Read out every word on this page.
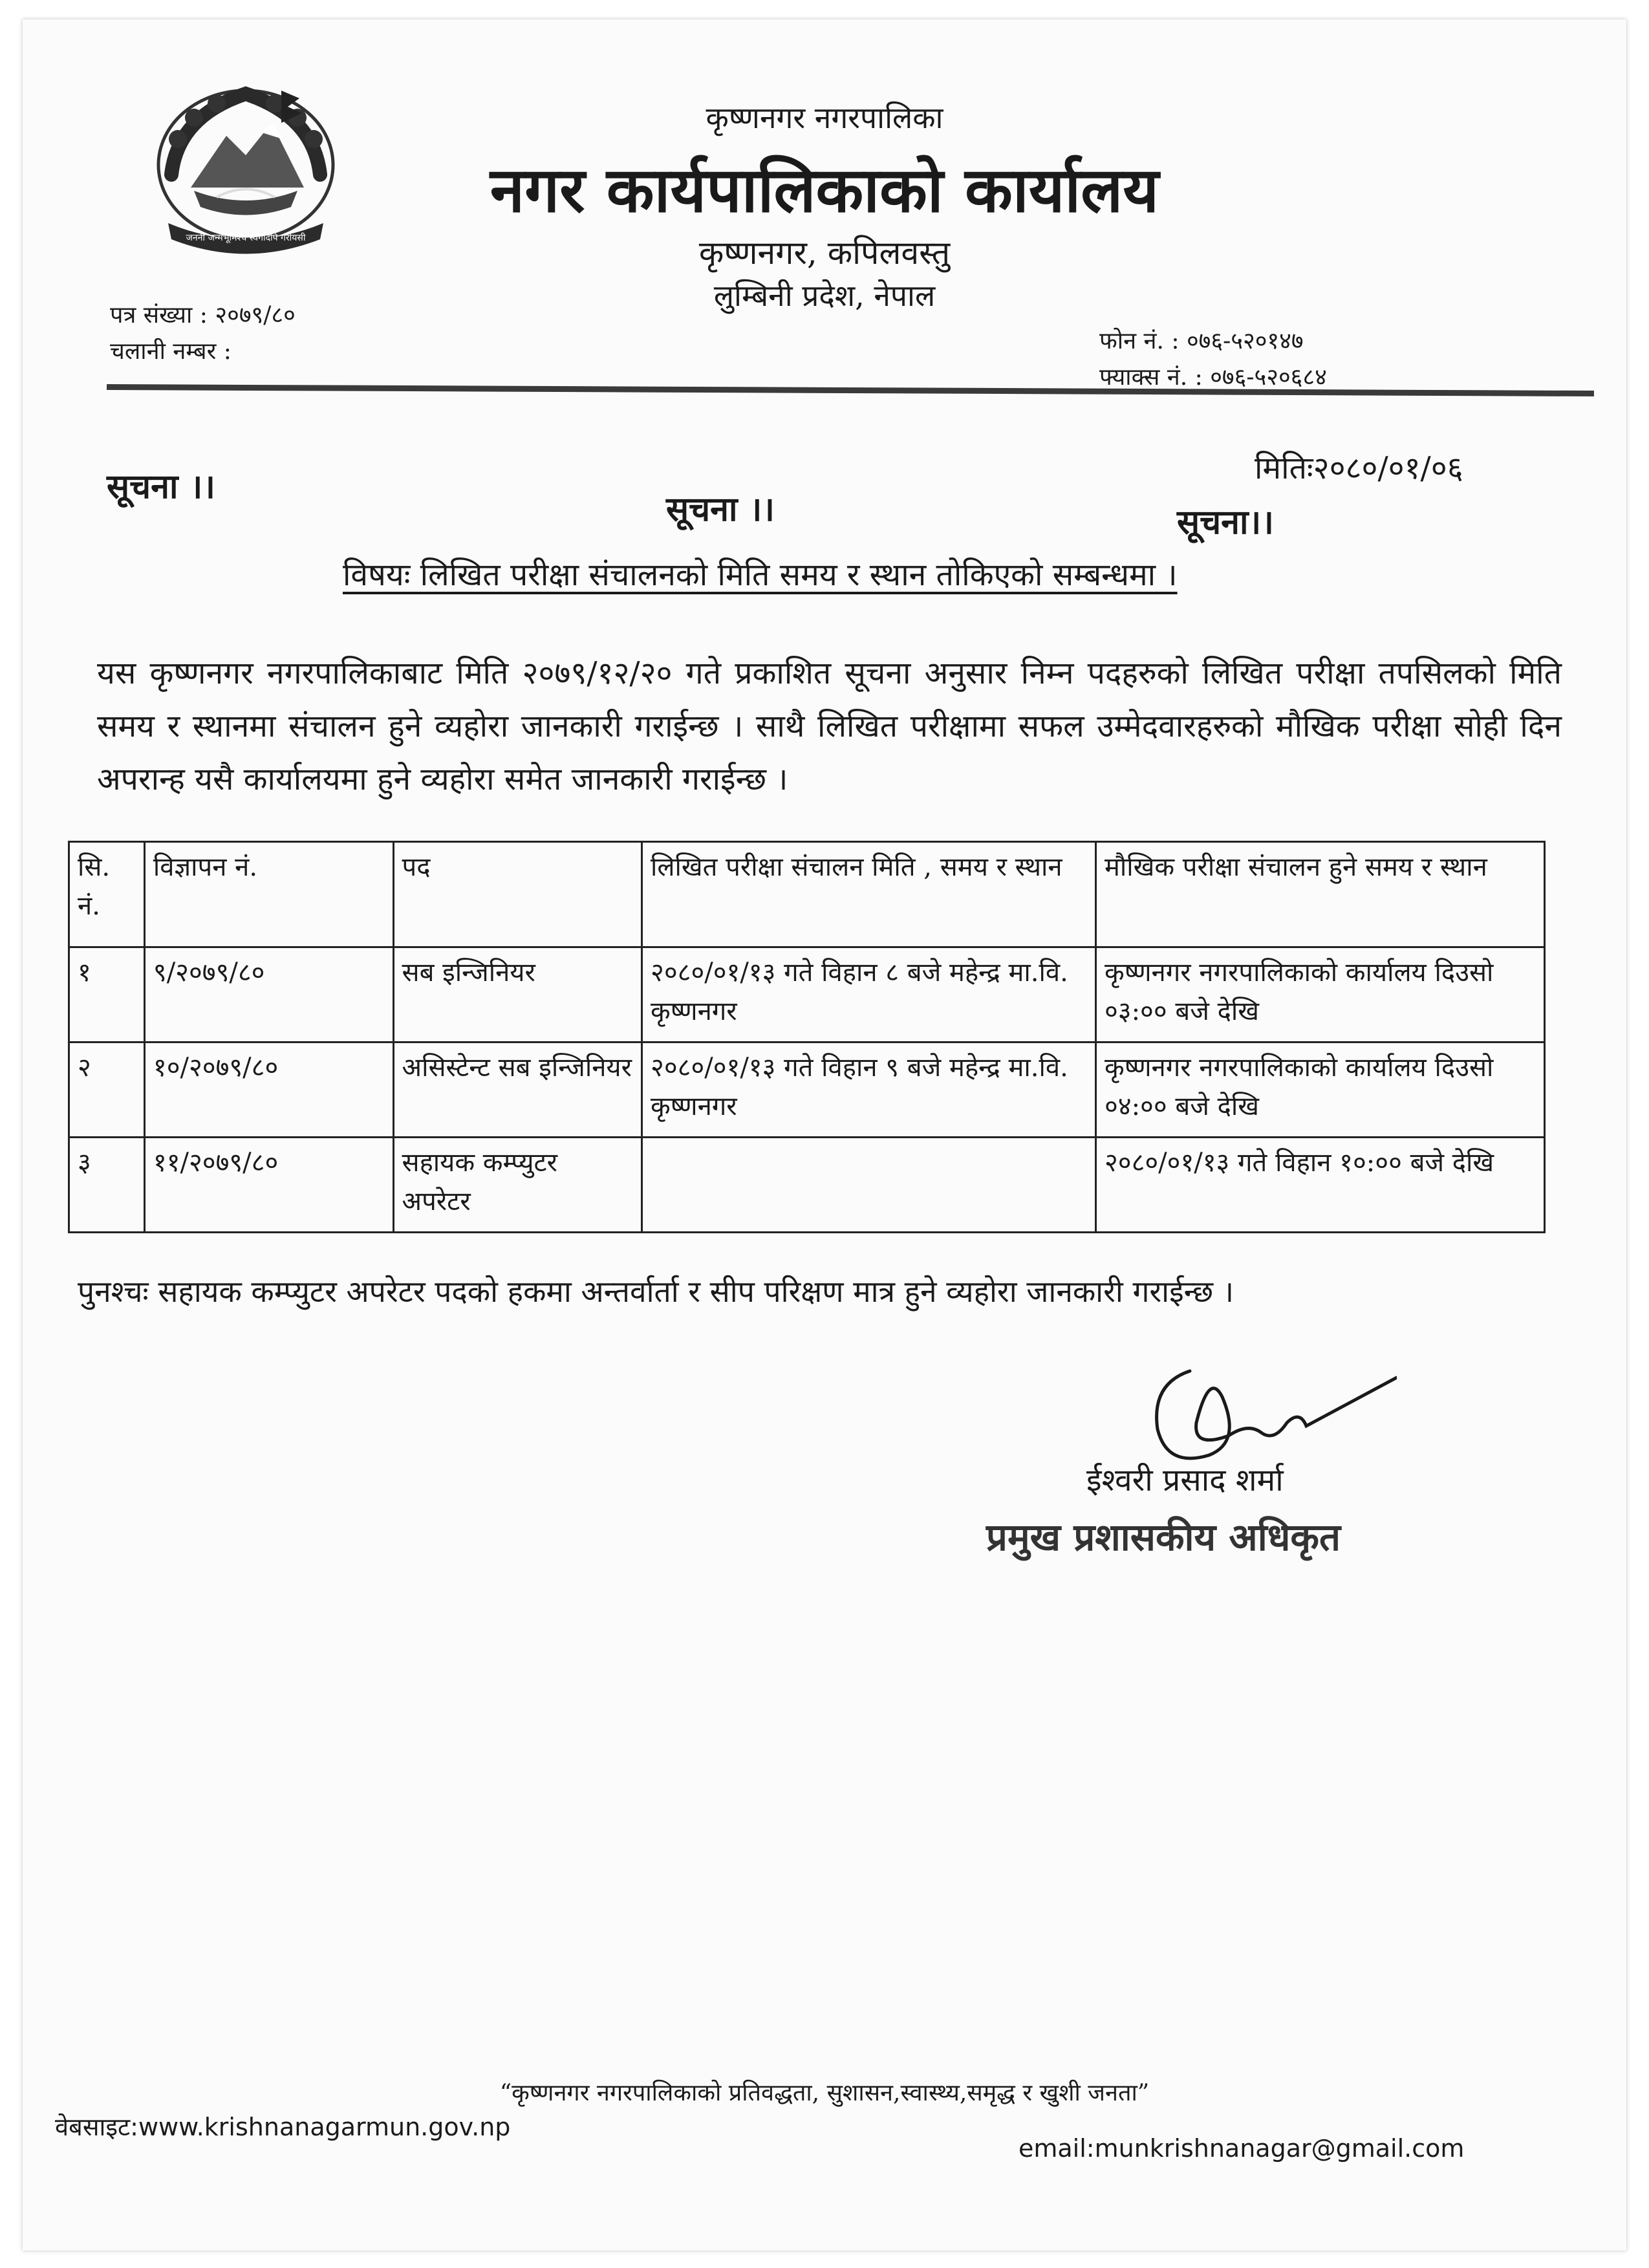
जननी जन्मभूमिश्च स्वर्गादपि गरीयसी
कृष्णनगर नगरपालिका
नगर कार्यपालिकाको कार्यालय
कृष्णनगर, कपिलवस्तु
लुम्बिनी प्रदेश, नेपाल
पत्र संख्या : २०७९/८०
चलानी नम्बर :	फोन नं. : ०७६-५२०१४७
फ्याक्स नं. : ०७६-५२०६८४
मितिः२०८०/०१/०६
सूचना ।।
सूचना ।।	सूचना।।
विषयः लिखित परीक्षा संचालनको मिति समय र स्थान तोकिएको सम्बन्धमा ।
यस कृष्णनगर नगरपालिकाबाट मिति २०७९/१२/२० गते प्रकाशित सूचना अनुसार निम्न पदहरुको लिखित परीक्षा तपसिलको मिति समय र स्थानमा संचालन हुने व्यहोरा जानकारी गराईन्छ । साथै लिखित परीक्षामा सफल उम्मेदवारहरुको मौखिक परीक्षा सोही दिन अपरान्ह यसै कार्यालयमा हुने व्यहोरा समेत जानकारी गराईन्छ ।
सि. नं.	विज्ञापन नं.	पद	लिखित परीक्षा संचालन मिति , समय र स्थान	मौखिक परीक्षा संचालन हुने समय र स्थान
१	९/२०७९/८०	सब इन्जिनियर	२०८०/०१/१३ गते विहान ८ बजे महेन्द्र मा.वि. कृष्णनगर	कृष्णनगर नगरपालिकाको कार्यालय दिउसो ०३:०० बजे देखि
२	१०/२०७९/८०	असिस्टेन्ट सब इन्जिनियर	२०८०/०१/१३ गते विहान ९ बजे महेन्द्र मा.वि. कृष्णनगर	कृष्णनगर नगरपालिकाको कार्यालय दिउसो ०४:०० बजे देखि
३	११/२०७९/८०	सहायक कम्प्युटर अपरेटर		२०८०/०१/१३ गते विहान १०:०० बजे देखि
पुनश्चः सहायक कम्प्युटर अपरेटर पदको हकमा अन्तर्वार्ता र सीप परिक्षण मात्र हुने व्यहोरा जानकारी गराईन्छ ।
ईश्वरी प्रसाद शर्मा
प्रमुख प्रशासकीय अधिकृत
“कृष्णनगर नगरपालिकाको प्रतिवद्धता, सुशासन,स्वास्थ्य,समृद्ध र खुशी जनता”
वेबसाइट:www.krishnanagarmun.gov.np
email:munkrishnanagar@gmail.com
